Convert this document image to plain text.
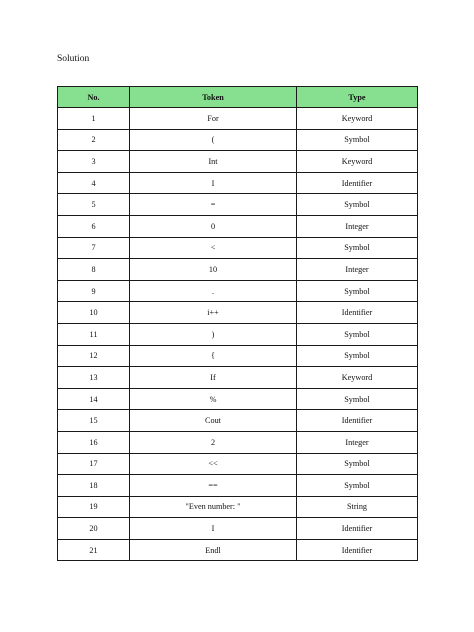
Solution
No.	Token	Type
1	For	Keyword
2	(	Symbol
3	Int	Keyword
4	I	Identifier
5	=	Symbol
6	0	Integer
7	<	Symbol
8	10	Integer
9	.	Symbol
10	i++	Identifier
11	)	Symbol
12	{	Symbol
13	If	Keyword
14	%	Symbol
15	Cout	Identifier
16	2	Integer
17	<<	Symbol
18	==	Symbol
19	"Even number: "	String
20	I	Identifier
21	Endl	Identifier
